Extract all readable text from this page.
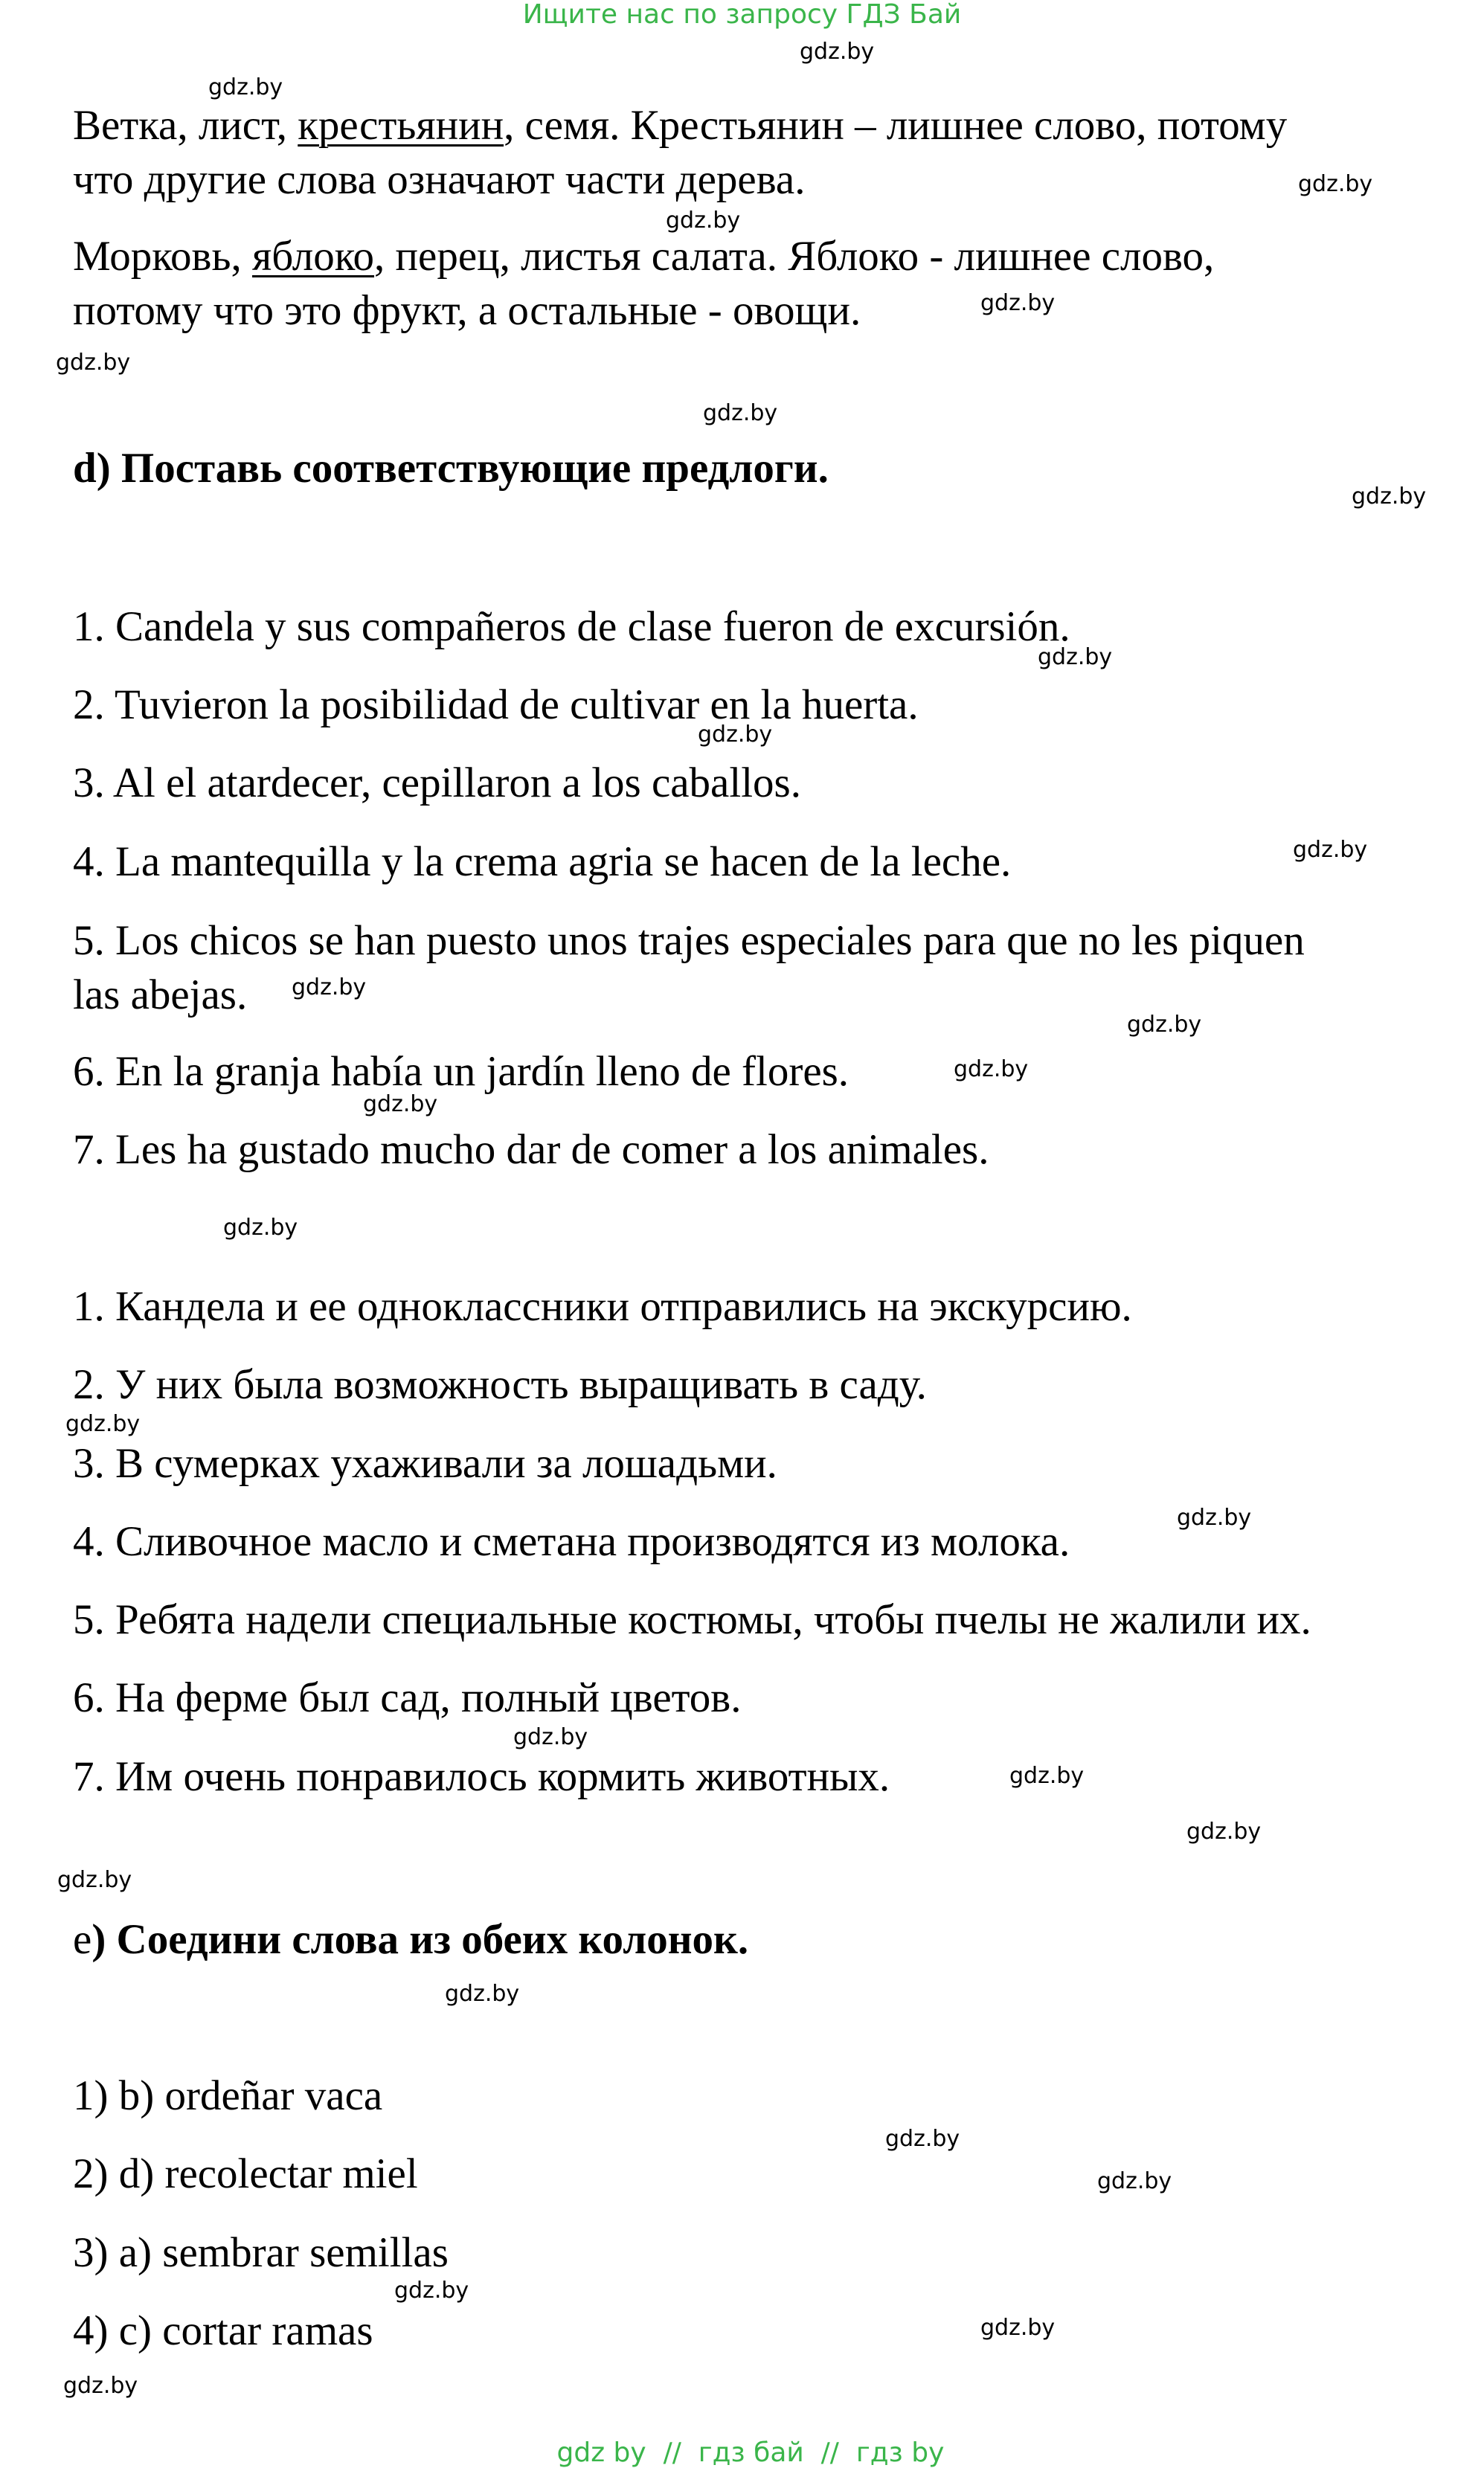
Ищите нас по запросу ГДЗ Бай
Ветка, лист, крестьянин, семя. Крестьянин – лишнее слово, потому что другие слова означают части дерева.
Морковь, яблоко, перец, листья салата. Яблоко - лишнее слово, потому что это фрукт, а остальные - овощи.
d) Поставь соответствующие предлоги.
1. Candela y sus compañeros de clase fueron de excursión.
2. Tuvieron la posibilidad de cultivar en la huerta.
3. Al el atardecer, cepillaron a los caballos.
4. La mantequilla y la crema agria se hacen de la leche.
5. Los chicos se han puesto unos trajes especiales para que no les piquen las abejas.
6. En la granja había un jardín lleno de flores.
7. Les ha gustado mucho dar de comer a los animales.
1. Кандела и ее одноклассники отправились на экскурсию.
2. У них была возможность выращивать в саду.
3. В сумерках ухаживали за лошадьми.
4. Сливочное масло и сметана производятся из молока.
5. Ребята надели специальные костюмы, чтобы пчелы не жалили их.
6. На ферме был сад, полный цветов.
7. Им очень понравилось кормить животных.
е) Соедини слова из обеих колонок.
1) b) ordeñar vaca
2) d) recolectar miel
3) a) sembrar semillas
4) c) cortar ramas
gdz.by
gdz.by
gdz.by
gdz.by
gdz.by
gdz.by
gdz.by
gdz.by
gdz.by
gdz.by
gdz.by
gdz.by
gdz.by
gdz.by
gdz.by
gdz.by
gdz.by
gdz.by
gdz.by
gdz.by
gdz.by
gdz.by
gdz.by
gdz.by
gdz.by
gdz.by
gdz.by
gdz.by

gdz by  //  гдз бай  //  гдз by
